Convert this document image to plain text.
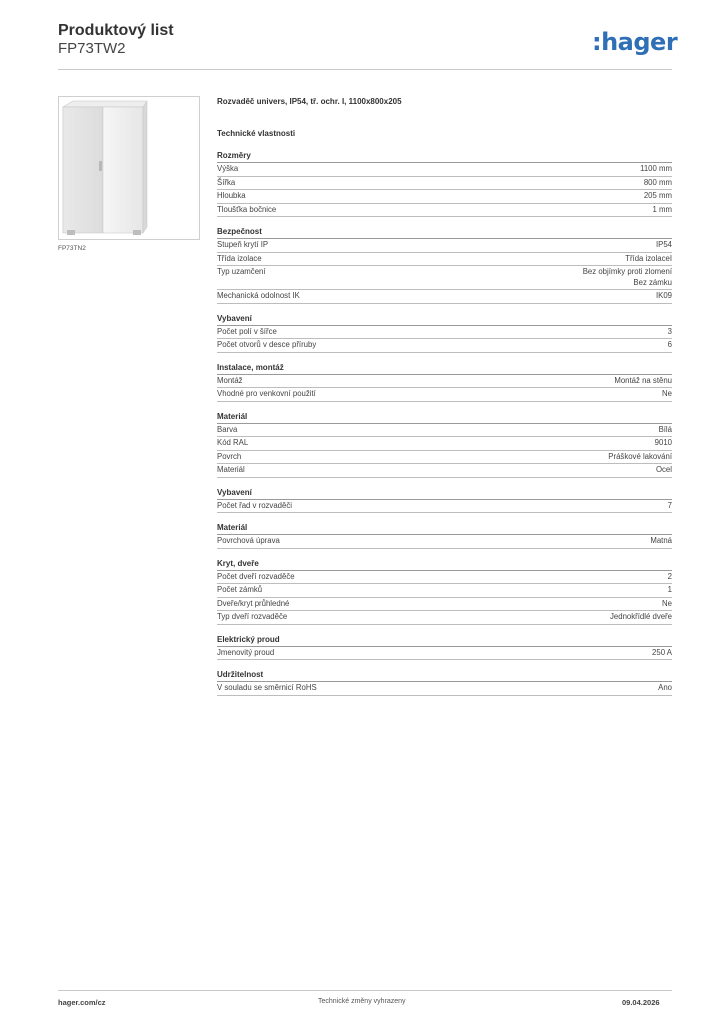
Produktový list
FP73TW2	:hager
FP73TN2
Rozvaděč univers, IP54, tř. ochr. I, 1100x800x205
Technické vlastnosti
Rozměry
Výška	1100 mm
Šířka	800 mm
Hloubka	205 mm
Tloušťka bočnice	1 mm
Bezpečnost
Stupeň krytí IP	IP54
Třída izolace	Třída izolaceI
Typ uzamčení	Bez objímky proti zlomení
Bez zámku
Mechanická odolnost IK	IK09
Vybavení
Počet polí v šířce	3
Počet otvorů v desce příruby	6
Instalace, montáž
Montáž	Montáž na stěnu
Vhodné pro venkovní použití	Ne
Materiál
Barva	Bílá
Kód RAL	9010
Povrch	Práškové lakování
Materiál	Ocel
Vybavení
Počet řad v rozvaděči	7
Materiál
Povrchová úprava	Matná
Kryt, dveře
Počet dveří rozvaděče	2
Počet zámků	1
Dveře/kryt průhledné	Ne
Typ dveří rozvaděče	Jednokřídlé dveře
Elektrický proud
Jmenovitý proud	250 A
Udržitelnost
V souladu se směrnicí RoHS	Ano
hager.com/cz	Technické změny vyhrazeny	09.04.2026
